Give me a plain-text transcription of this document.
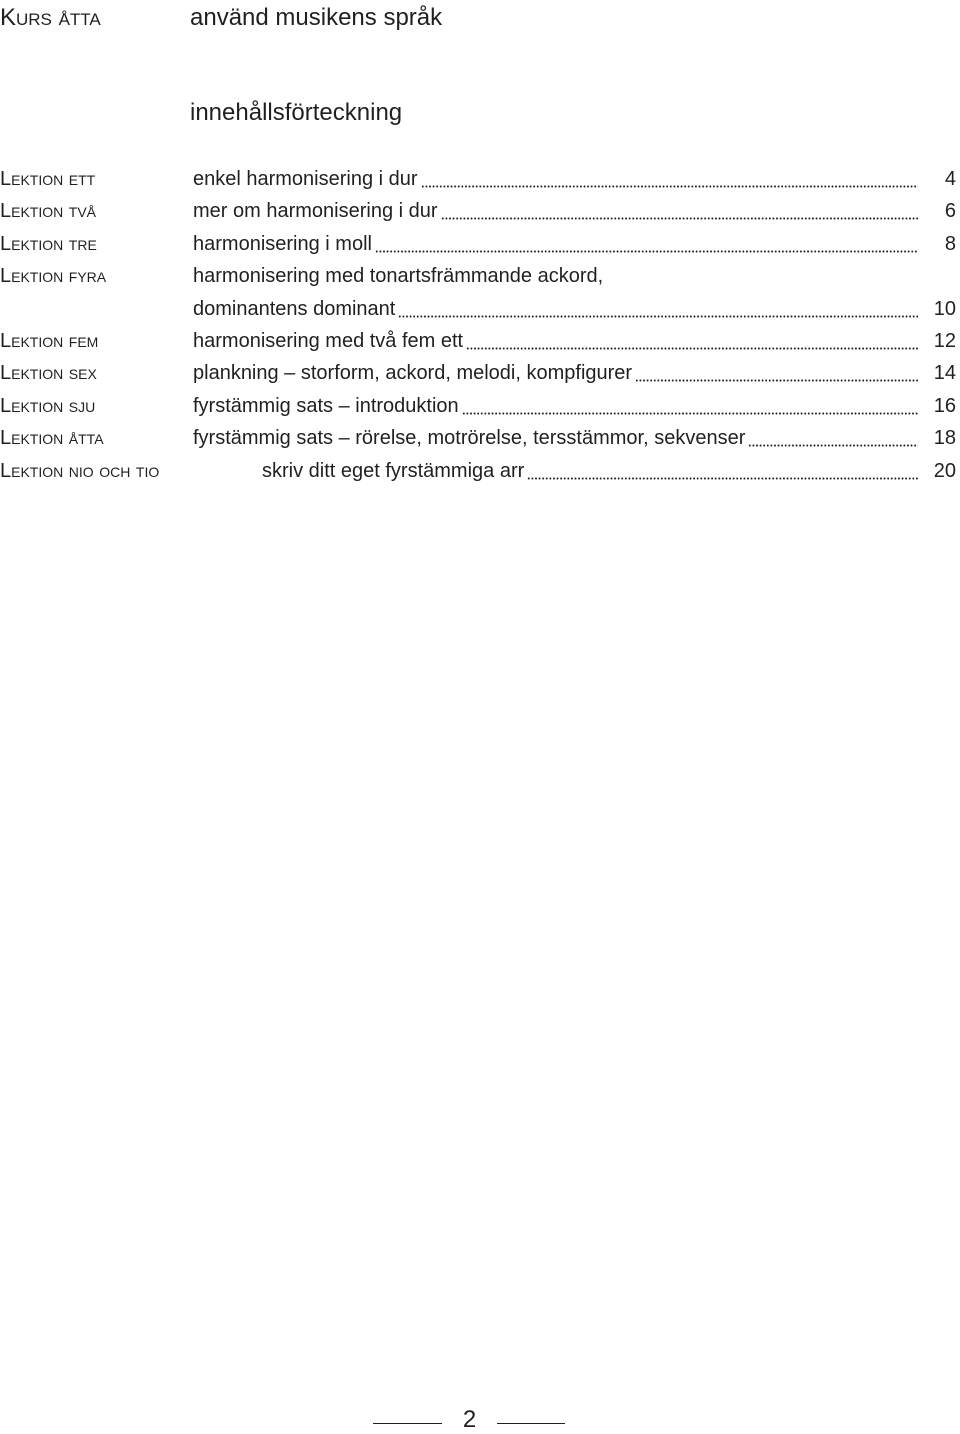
Kurs åtta	använd musikens språk
innehållsförteckning
Lektion ett	enkel harmonisering i dur	4
Lektion två	mer om harmonisering i dur	6
Lektion tre	harmonisering i moll	8
Lektion fyra	harmonisering med tonartsfrämmande ackord,
dominantens dominant	10
Lektion fem	harmonisering med två fem ett	12
Lektion sex	plankning – storform, ackord, melodi, kompfigurer	14
Lektion sju	fyrstämmig sats – introduktion	16
Lektion åtta	fyrstämmig sats – rörelse, motrörelse, tersstämmor, sekvenser	18
Lektion nio och tio	skriv ditt eget fyrstämmiga arr	20
2
